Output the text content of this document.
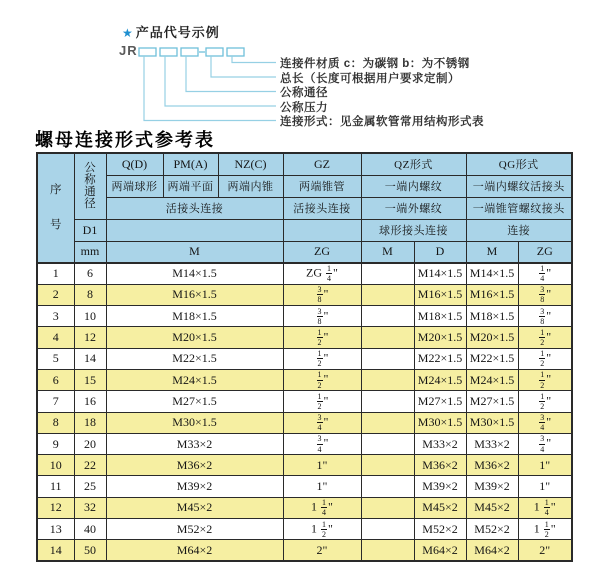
★ 产品代号示例
JR
连接件材质 c：为碳钢 b：为不锈钢
总长（长度可根据用户要求定制）
公称通径
公称压力
连接形式：见金属软管常用结构形式表
螺母连接形式参考表
序
号	公
称
通
径	Q(D)	PM(A)	NZ(C)	GZ	QZ形式		QG形式	
		两端球形	两端平面	两端内锥	两端锥管	一端内螺纹		一端内螺纹活接头	
		活接头连接			活接头连接	一端外螺纹		一端锥管螺纹接头	
	D1					球形接头连接		连接	
	mm	M			ZG	M	D	M	ZG
1	6	M14×1.5			ZG $\frac{1}{4}$ "		M14×1.5	M14×1.5	$\frac{1}{4}$ "
2	8	M16×1.5			$\frac{3}{8}$ "		M16×1.5	M16×1.5	$\frac{3}{8}$ "
3	10	M18×1.5			$\frac{3}{8}$ "		M18×1.5	M18×1.5	$\frac{3}{8}$ "
4	12	M20×1.5			$\frac{1}{2}$ "		M20×1.5	M20×1.5	$\frac{1}{2}$ "
5	14	M22×1.5			$\frac{1}{2}$ "		M22×1.5	M22×1.5	$\frac{1}{2}$ "
6	15	M24×1.5			$\frac{1}{2}$ "		M24×1.5	M24×1.5	$\frac{1}{2}$ "
7	16	M27×1.5			$\frac{1}{2}$ "		M27×1.5	M27×1.5	$\frac{1}{2}$ "
8	18	M30×1.5			$\frac{3}{4}$ "		M30×1.5	M30×1.5	$\frac{3}{4}$ "
9	20	M33×2			$\frac{3}{4}$ "		M33×2	M33×2	$\frac{3}{4}$ "
10	22	M36×2			1"		M36×2	M36×2	1"
11	25	M39×2			1"		M39×2	M39×2	1"
12	32	M45×2			$1 \frac{1}{4}$ "		M45×2	M45×2	$1 \frac{1}{4}$ "
13	40	M52×2			$1 \frac{1}{2}$ "		M52×2	M52×2	$1 \frac{1}{2}$ "
14	50	M64×2			2"		M64×2	M64×2	2"
